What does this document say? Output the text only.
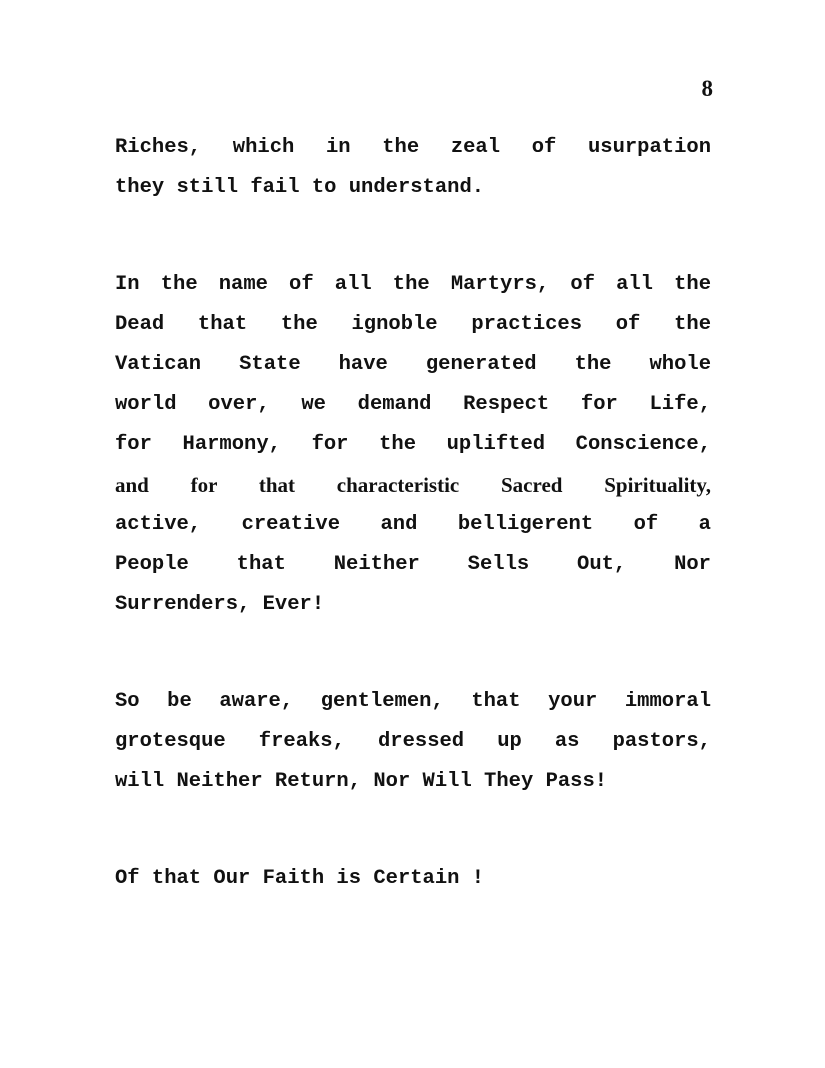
8

Riches, which in the zeal of usurpation
they still fail to understand.

In the name of all the Martyrs, of all the
Dead that the ignoble practices of the
Vatican State have generated the whole
world over, we demand Respect for Life,
for Harmony, for the uplifted Conscience,
and for that characteristic Sacred Spirituality,
active, creative and belligerent of a
People that Neither Sells Out, Nor
Surrenders, Ever!

So be aware, gentlemen, that your immoral
grotesque freaks, dressed up as pastors,
will Neither Return, Nor Will They Pass!

Of that Our Faith is Certain !
